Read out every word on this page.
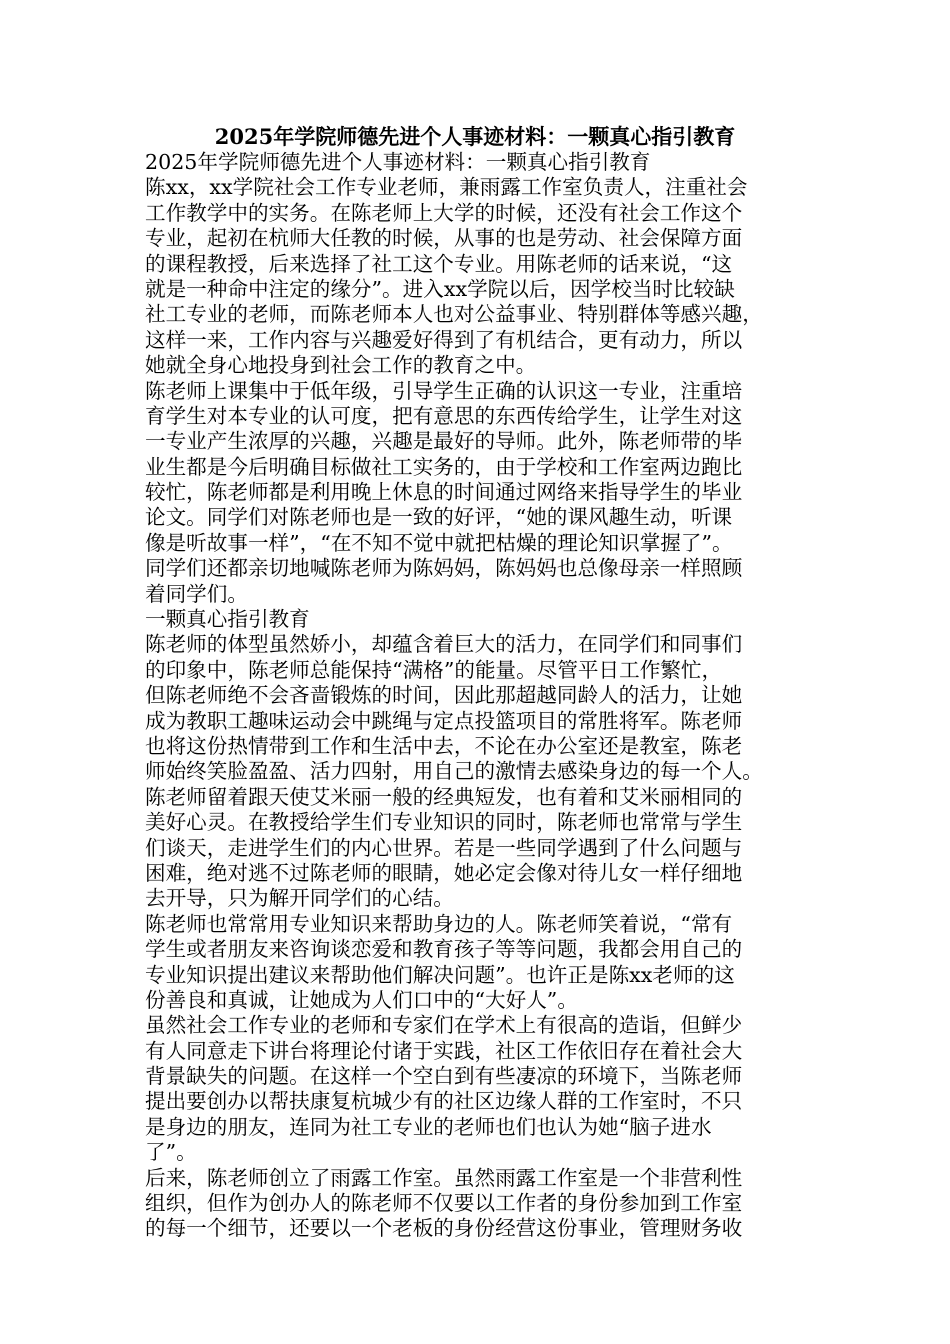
2025年学院师德先进个人事迹材料：一颗真心指引教育
2025年学院师德先进个人事迹材料：一颗真心指引教育
陈xx，xx学院社会工作专业老师，兼雨露工作室负责人，注重社会
工作教学中的实务。在陈老师上大学的时候，还没有社会工作这个
专业，起初在杭师大任教的时候，从事的也是劳动、社会保障方面
的课程教授，后来选择了社工这个专业。用陈老师的话来说，“这
就是一种命中注定的缘分”。进入xx学院以后，因学校当时比较缺
社工专业的老师，而陈老师本人也对公益事业、特别群体等感兴趣，
这样一来，工作内容与兴趣爱好得到了有机结合，更有动力，所以
她就全身心地投身到社会工作的教育之中。
陈老师上课集中于低年级，引导学生正确的认识这一专业，注重培
育学生对本专业的认可度，把有意思的东西传给学生，让学生对这
一专业产生浓厚的兴趣，兴趣是最好的导师。此外，陈老师带的毕
业生都是今后明确目标做社工实务的，由于学校和工作室两边跑比
较忙，陈老师都是利用晚上休息的时间通过网络来指导学生的毕业
论文。同学们对陈老师也是一致的好评，“她的课风趣生动，听课
像是听故事一样”，“在不知不觉中就把枯燥的理论知识掌握了”。
同学们还都亲切地喊陈老师为陈妈妈，陈妈妈也总像母亲一样照顾
着同学们。
一颗真心指引教育
陈老师的体型虽然娇小，却蕴含着巨大的活力，在同学们和同事们
的印象中，陈老师总能保持“满格”的能量。尽管平日工作繁忙，
但陈老师绝不会吝啬锻炼的时间，因此那超越同龄人的活力，让她
成为教职工趣味运动会中跳绳与定点投篮项目的常胜将军。陈老师
也将这份热情带到工作和生活中去，不论在办公室还是教室，陈老
师始终笑脸盈盈、活力四射，用自己的激情去感染身边的每一个人。
陈老师留着跟天使艾米丽一般的经典短发，也有着和艾米丽相同的
美好心灵。在教授给学生们专业知识的同时，陈老师也常常与学生
们谈天，走进学生们的内心世界。若是一些同学遇到了什么问题与
困难，绝对逃不过陈老师的眼睛，她必定会像对待儿女一样仔细地
去开导，只为解开同学们的心结。
陈老师也常常用专业知识来帮助身边的人。陈老师笑着说，“常有
学生或者朋友来咨询谈恋爱和教育孩子等等问题，我都会用自己的
专业知识提出建议来帮助他们解决问题”。也许正是陈xx老师的这
份善良和真诚，让她成为人们口中的“大好人”。
虽然社会工作专业的老师和专家们在学术上有很高的造诣，但鲜少
有人同意走下讲台将理论付诸于实践，社区工作依旧存在着社会大
背景缺失的问题。在这样一个空白到有些凄凉的环境下，当陈老师
提出要创办以帮扶康复杭城少有的社区边缘人群的工作室时，不只
是身边的朋友，连同为社工专业的老师也们也认为她“脑子进水
了”。
后来，陈老师创立了雨露工作室。虽然雨露工作室是一个非营利性
组织，但作为创办人的陈老师不仅要以工作者的身份参加到工作室
的每一个细节，还要以一个老板的身份经营这份事业，管理财务收
